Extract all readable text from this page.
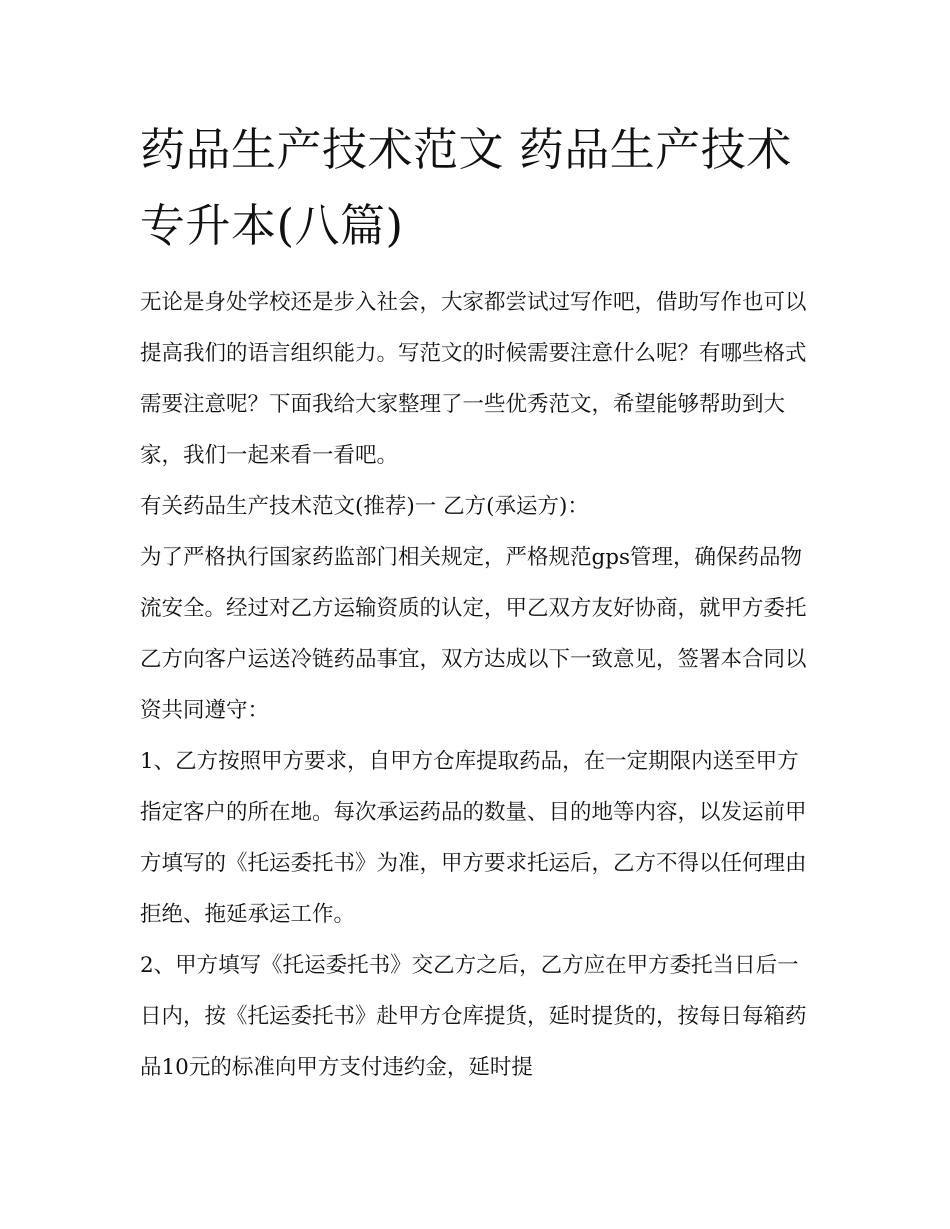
药品生产技术范文 药品生产技术专升本(八篇)

无论是身处学校还是步入社会，大家都尝试过写作吧，借助写作也可以提高我们的语言组织能力。写范文的时候需要注意什么呢？有哪些格式需要注意呢？下面我给大家整理了一些优秀范文，希望能够帮助到大家，我们一起来看一看吧。

有关药品生产技术范文(推荐)一 乙方(承运方)：

为了严格执行国家药监部门相关规定，严格规范gps管理，确保药品物流安全。经过对乙方运输资质的认定，甲乙双方友好协商，就甲方委托乙方向客户运送冷链药品事宜，双方达成以下一致意见，签署本合同以资共同遵守：

1、乙方按照甲方要求，自甲方仓库提取药品，在一定期限内送至甲方指定客户的所在地。每次承运药品的数量、目的地等内容，以发运前甲方填写的《托运委托书》为准，甲方要求托运后，乙方不得以任何理由拒绝、拖延承运工作。

2、甲方填写《托运委托书》交乙方之后，乙方应在甲方委托当日后一日内，按《托运委托书》赴甲方仓库提货，延时提货的，按每日每箱药品10元的标准向甲方支付违约金，延时提
